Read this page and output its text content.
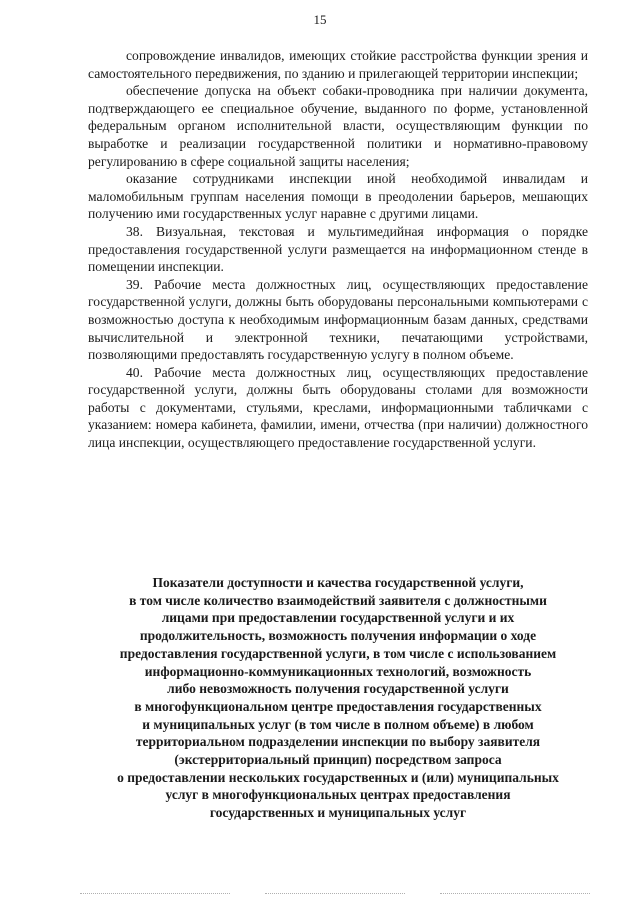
15

сопровождение инвалидов, имеющих стойкие расстройства функции зрения и самостоятельного передвижения, по зданию и прилегающей территории инспекции;

обеспечение допуска на объект собаки-проводника при наличии документа, подтверждающего ее специальное обучение, выданного по форме, установленной федеральным органом исполнительной власти, осуществляющим функции по выработке и реализации государственной политики и нормативно-правовому регулированию в сфере социальной защиты населения;

оказание сотрудниками инспекции иной необходимой инвалидам и маломобильным группам населения помощи в преодолении барьеров, мешающих получению ими государственных услуг наравне с другими лицами.

38. Визуальная, текстовая и мультимедийная информация о порядке предоставления государственной услуги размещается на информационном стенде в помещении инспекции.

39. Рабочие места должностных лиц, осуществляющих предоставление государственной услуги, должны быть оборудованы персональными компьютерами с возможностью доступа к необходимым информационным базам данных, средствами вычислительной и электронной техники, печатающими устройствами, позволяющими предоставлять государственную услугу в полном объеме.

40. Рабочие места должностных лиц, осуществляющих предоставление государственной услуги, должны быть оборудованы столами для возможности работы с документами, стульями, креслами, информационными табличками с указанием: номера кабинета, фамилии, имени, отчества (при наличии) должностного лица инспекции, осуществляющего предоставление государственной услуги.

Показатели доступности и качества государственной услуги,
в том числе количество взаимодействий заявителя с должностными
лицами при предоставлении государственной услуги и их
продолжительность, возможность получения информации о ходе
предоставления государственной услуги, в том числе с использованием
информационно-коммуникационных технологий, возможность
либо невозможность получения государственной услуги
в многофункциональном центре предоставления государственных
и муниципальных услуг (в том числе в полном объеме) в любом
территориальном подразделении инспекции по выбору заявителя
(экстерриториальный принцип) посредством запроса
о предоставлении нескольких государственных и (или) муниципальных
услуг в многофункциональных центрах предоставления
государственных и муниципальных услуг
